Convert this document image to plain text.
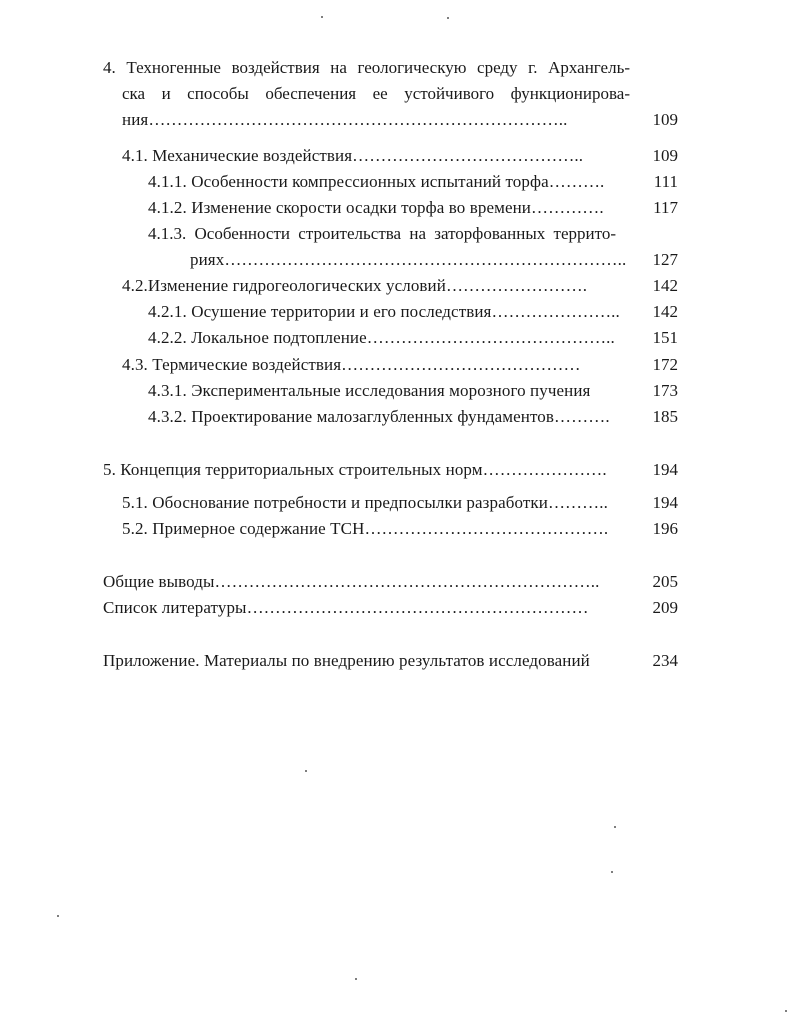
4. Техногенные воздействия на геологическую среду г. Архангель-
ска и способы обеспечения ее устойчивого функционирова-
ния………………………………………………………………..	109
4.1. Механические воздействия…………………………………..	109
4.1.1. Особенности компрессионных испытаний торфа……….	111
4.1.2. Изменение скорости осадки торфа во времени………….	117
4.1.3. Особенности строительства на заторфованных террито-
риях……………………………………………………………..	127
4.2.Изменение гидрогеологических условий…………………….	142
4.2.1. Осушение территории и его последствия…………………..	142
4.2.2. Локальное подтопление……………………………………..	151
4.3. Термические воздействия……………………………………	172
4.3.1. Экспериментальные исследования морозного пучения	173
4.3.2. Проектирование малозаглубленных фундаментов……….	185
5. Концепция территориальных строительных норм………………….	194
5.1. Обоснование потребности и предпосылки разработки………..	194
5.2. Примерное содержание ТСН…………………………………….	196
Общие выводы…………………………………………………………..	205
Список литературы……………………………………………………	209
Приложение. Материалы по внедрению результатов исследований	234
